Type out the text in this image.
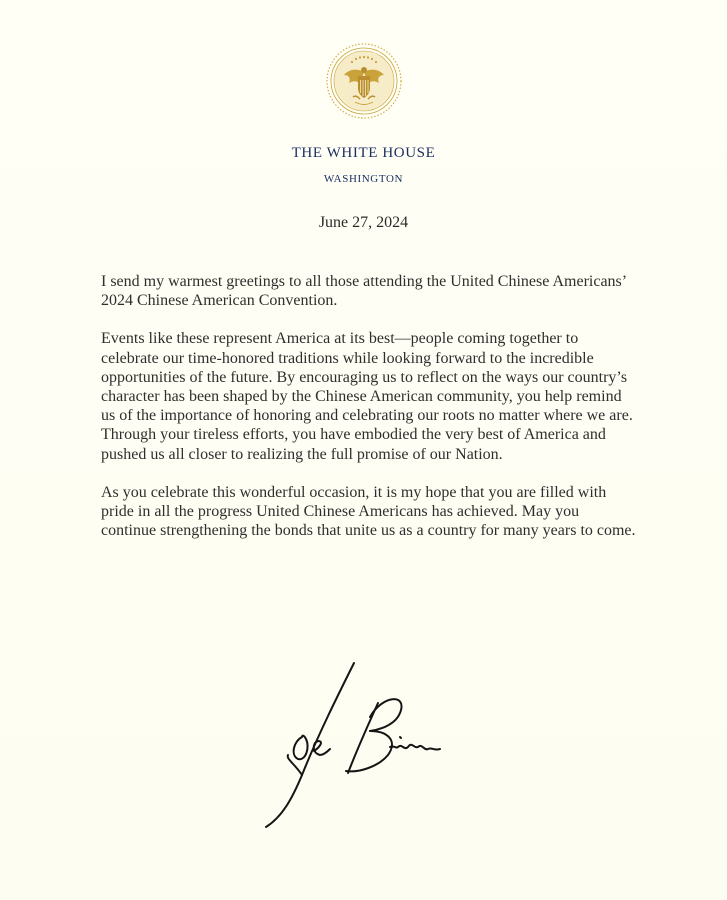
THE WHITE HOUSE
WASHINGTON
June 27, 2024

I send my warmest greetings to all those attending the United Chinese Americans’ 2024 Chinese American Convention.

Events like these represent America at its best—people coming together to celebrate our time-honored traditions while looking forward to the incredible opportunities of the future. By encouraging us to reflect on the ways our country’s character has been shaped by the Chinese American community, you help remind us of the importance of honoring and celebrating our roots no matter where we are. Through your tireless efforts, you have embodied the very best of America and pushed us all closer to realizing the full promise of our Nation.

As you celebrate this wonderful occasion, it is my hope that you are filled with pride in all the progress United Chinese Americans has achieved. May you continue strengthening the bonds that unite us as a country for many years to come.
